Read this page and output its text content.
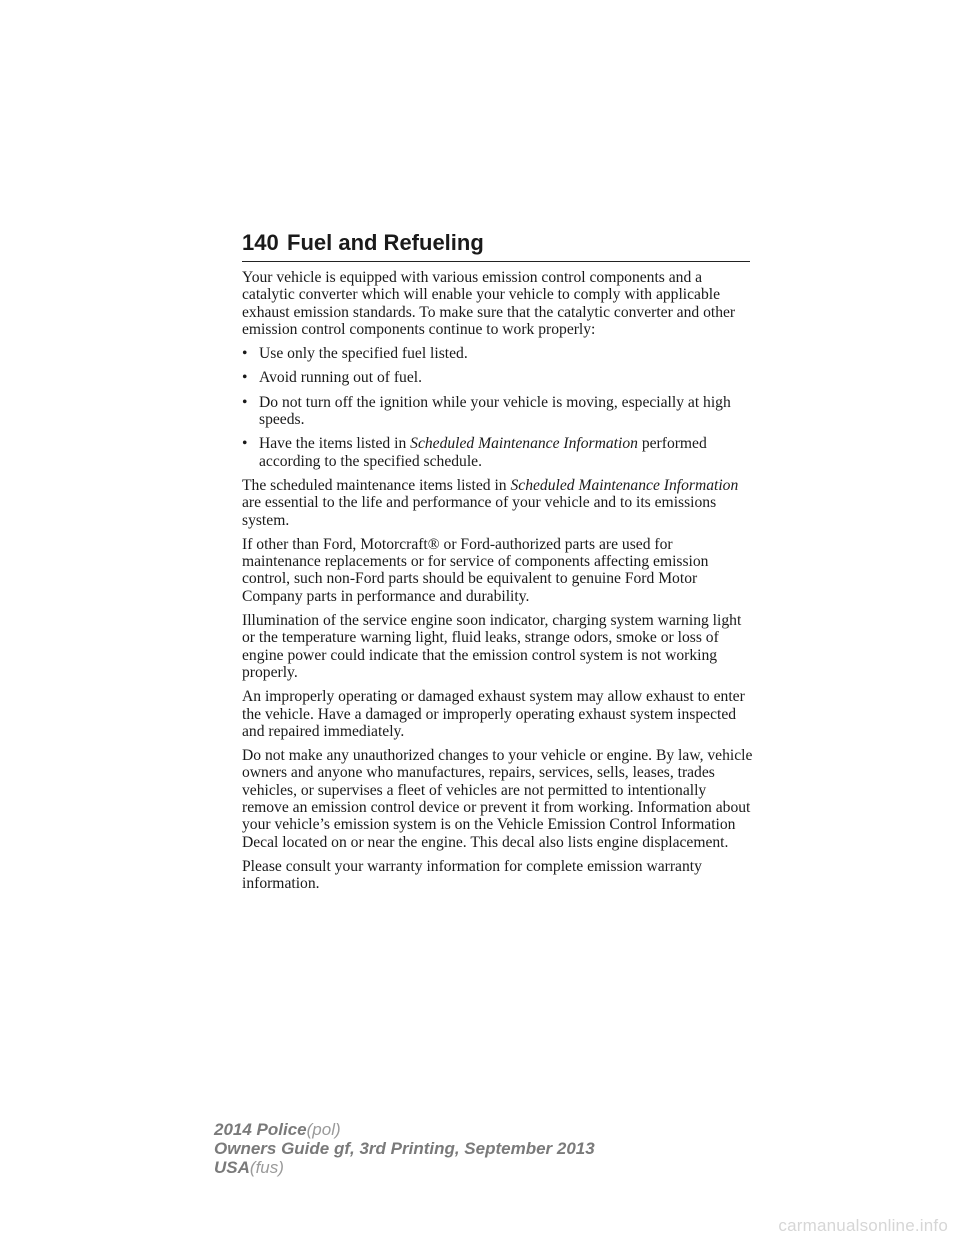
140 Fuel and Refueling

Your vehicle is equipped with various emission control components and a catalytic converter which will enable your vehicle to comply with applicable exhaust emission standards. To make sure that the catalytic converter and other emission control components continue to work properly:

• Use only the specified fuel listed.
• Avoid running out of fuel.
• Do not turn off the ignition while your vehicle is moving, especially at high speeds.
• Have the items listed in Scheduled Maintenance Information performed according to the specified schedule.

The scheduled maintenance items listed in Scheduled Maintenance Information are essential to the life and performance of your vehicle and to its emissions system.

If other than Ford, Motorcraft® or Ford-authorized parts are used for maintenance replacements or for service of components affecting emission control, such non-Ford parts should be equivalent to genuine Ford Motor Company parts in performance and durability.

Illumination of the service engine soon indicator, charging system warning light or the temperature warning light, fluid leaks, strange odors, smoke or loss of engine power could indicate that the emission control system is not working properly.

An improperly operating or damaged exhaust system may allow exhaust to enter the vehicle. Have a damaged or improperly operating exhaust system inspected and repaired immediately.

Do not make any unauthorized changes to your vehicle or engine. By law, vehicle owners and anyone who manufactures, repairs, services, sells, leases, trades vehicles, or supervises a fleet of vehicles are not permitted to intentionally remove an emission control device or prevent it from working. Information about your vehicle’s emission system is on the Vehicle Emission Control Information Decal located on or near the engine. This decal also lists engine displacement.

Please consult your warranty information for complete emission warranty information.

2014 Police(pol)
Owners Guide gf, 3rd Printing, September 2013
USA(fus)
carmanualsonline.info
